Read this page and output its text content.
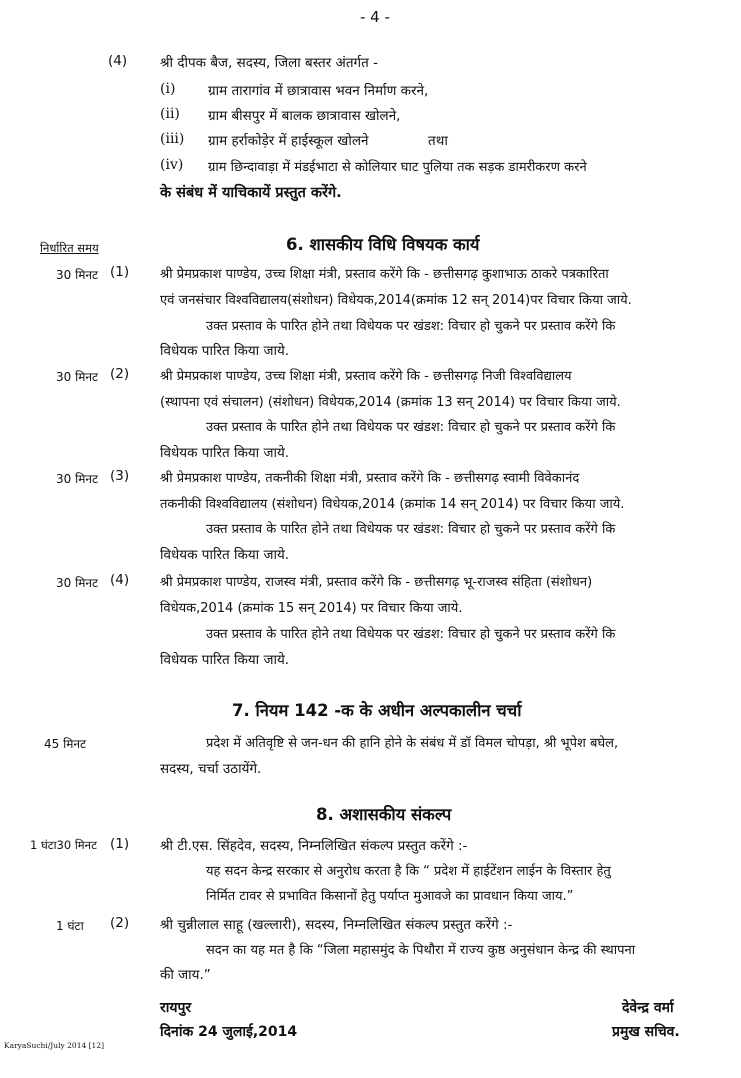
- 4 -
(4) श्री दीपक बैज, सदस्य, जिला बस्तर अंतर्गत -
(i) ग्राम तारागांव में छात्रावास भवन निर्माण करने,
(ii) ग्राम बीसपुर में बालक छात्रावास खोलने,
(iii) ग्राम हर्राकोड़ेर में हाईस्कूल खोलने	तथा
(iv) ग्राम छिन्दावाड़ा में मंडईभाटा से कोलियार घाट पुलिया तक सड़क डामरीकरण करने
के संबंध में याचिकायें प्रस्तुत करेंगे.
निर्धारित समय	6. शासकीय विधि विषयक कार्य
30 मिनट (1) श्री प्रेमप्रकाश पाण्डेय, उच्च शिक्षा मंत्री, प्रस्ताव करेंगे कि - छत्तीसगढ़ कुशाभाऊ ठाकरे पत्रकारिता
एवं जनसंचार विश्वविद्यालय(संशोधन) विधेयक,2014(क्रमांक 12 सन् 2014)पर विचार किया जाये.
उक्त प्रस्ताव के पारित होने तथा विधेयक पर खंडश: विचार हो चुकने पर प्रस्ताव करेंगे कि
विधेयक पारित किया जाये.
30 मिनट (2) श्री प्रेमप्रकाश पाण्डेय, उच्च शिक्षा मंत्री, प्रस्ताव करेंगे कि - छत्तीसगढ़ निजी विश्वविद्यालय
(स्थापना एवं संचालन) (संशोधन) विधेयक,2014 (क्रमांक 13 सन् 2014) पर विचार किया जाये.
उक्त प्रस्ताव के पारित होने तथा विधेयक पर खंडश: विचार हो चुकने पर प्रस्ताव करेंगे कि
विधेयक पारित किया जाये.
30 मिनट (3) श्री प्रेमप्रकाश पाण्डेय, तकनीकी शिक्षा मंत्री, प्रस्ताव करेंगे कि - छत्तीसगढ़ स्वामी विवेकानंद
तकनीकी विश्वविद्यालय (संशोधन) विधेयक,2014 (क्रमांक 14 सन् 2014) पर विचार किया जाये.
उक्त प्रस्ताव के पारित होने तथा विधेयक पर खंडश: विचार हो चुकने पर प्रस्ताव करेंगे कि
विधेयक पारित किया जाये.
30 मिनट (4) श्री प्रेमप्रकाश पाण्डेय, राजस्व मंत्री, प्रस्ताव करेंगे कि - छत्तीसगढ़ भू-राजस्व संहिता (संशोधन)
विधेयक,2014 (क्रमांक 15 सन् 2014) पर विचार किया जाये.
उक्त प्रस्ताव के पारित होने तथा विधेयक पर खंडश: विचार हो चुकने पर प्रस्ताव करेंगे कि
विधेयक पारित किया जाये.
7. नियम 142 -क के अधीन अल्पकालीन चर्चा
45 मिनट	प्रदेश में अतिवृष्टि से जन-धन की हानि होने के संबंध में डॉ विमल चोपड़ा, श्री भूपेश बघेल,
सदस्य, चर्चा उठायेंगे.
8. अशासकीय संकल्प
1 घंटा30 मिनट (1) श्री टी.एस. सिंहदेव, सदस्य, निम्नलिखित संकल्प प्रस्तुत करेंगे :-
यह सदन केन्द्र सरकार से अनुरोध करता है कि “ प्रदेश में हाईटेंशन लाईन के विस्तार हेतु
निर्मित टावर से प्रभावित किसानों हेतु पर्याप्त मुआवजे का प्रावधान किया जाय.”
1 घंटा (2) श्री चुन्नीलाल साहू (खल्लारी), सदस्य, निम्नलिखित संकल्प प्रस्तुत करेंगे :-
सदन का यह मत है कि “जिला महासमुंद के पिथौरा में राज्य कुष्ठ अनुसंधान केन्द्र की स्थापना
की जाय.”
रायपुर
दिनांक 24 जुलाई,2014
देवेन्द्र वर्मा
प्रमुख सचिव.
KaryaSuchi/July 2014 [12]
